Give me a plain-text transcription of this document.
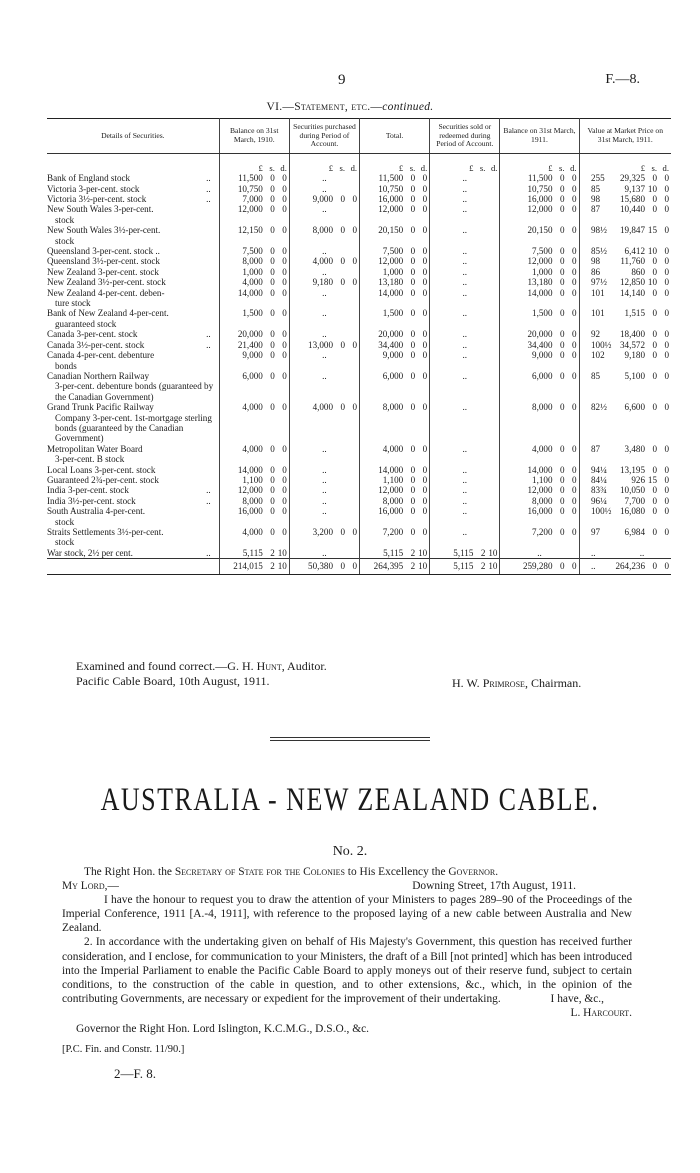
9	F.—8.
VI.—Statement, etc.—continued.
Details of Securities.	Balance on 31st March, 1910.	Securities purchased during Period of Account.	Total.	Securities sold or redeemed during Period of Account.	Balance on 31st March, 1911.	Value at Market Price on 31st March, 1911.
	£ s. d.	£ s. d.	£ s. d.	£ s. d.	£ s. d.	£ s. d.

..
Bank of England stock	11,500 0 0	..	11,500 0 0	..	11,500 0 0	255 29,325 0 0

..
Victoria 3-per-cent. stock	10,750 0 0	..	10,750 0 0	..	10,750 0 0	85 9,137 10 0

..
Victoria 3½-per-cent. stock	7,000 0 0	9,000 0 0	16,000 0 0	..	16,000 0 0	98 15,680 0 0
New South Wales 3-per-cent.
stock	12,000 0 0	..	12,000 0 0	..	12,000 0 0	87 10,440 0 0
New South Wales 3½-per-cent.
stock	12,150 0 0	8,000 0 0	20,150 0 0	..	20,150 0 0	98½ 19,847 15 0
Queensland 3-per-cent. stock ..	7,500 0 0	..	7,500 0 0	..	7,500 0 0	85½ 6,412 10 0
Queensland 3½-per-cent. stock	8,000 0 0	4,000 0 0	12,000 0 0	..	12,000 0 0	98 11,760 0 0
New Zealand 3-per-cent. stock	1,000 0 0	..	1,000 0 0	..	1,000 0 0	86 860 0 0
New Zealand 3½-per-cent. stock	4,000 0 0	9,180 0 0	13,180 0 0	..	13,180 0 0	97½ 12,850 10 0
New Zealand 4-per-cent. deben-
ture stock	14,000 0 0	..	14,000 0 0	..	14,000 0 0	101 14,140 0 0
Bank of New Zealand 4-per-cent.
guaranteed stock	1,500 0 0	..	1,500 0 0	..	1,500 0 0	101 1,515 0 0

..
Canada 3-per-cent. stock	20,000 0 0	..	20,000 0 0	..	20,000 0 0	92 18,400 0 0

..
Canada 3½-per-cent. stock	21,400 0 0	13,000 0 0	34,400 0 0	..	34,400 0 0	100½ 34,572 0 0
Canada 4-per-cent. debenture
bonds	9,000 0 0	..	9,000 0 0	..	9,000 0 0	102 9,180 0 0
Canadian Northern Railway
3-per-cent. debenture bonds (guaranteed by the Canadian Government)	6,000 0 0	..	6,000 0 0	..	6,000 0 0	85 5,100 0 0
Grand Trunk Pacific Railway
Company 3-per-cent. 1st-mortgage sterling bonds (guaranteed by the Canadian Government)	4,000 0 0	4,000 0 0	8,000 0 0	..	8,000 0 0	82½ 6,600 0 0
Metropolitan Water Board
3-per-cent. B stock	4,000 0 0	..	4,000 0 0	..	4,000 0 0	87 3,480 0 0
Local Loans 3-per-cent. stock	14,000 0 0	..	14,000 0 0	..	14,000 0 0	94¼ 13,195 0 0
Guaranteed 2¾-per-cent. stock	1,100 0 0	..	1,100 0 0	..	1,100 0 0	84¼ 926 15 0

..
India 3-per-cent. stock	12,000 0 0	..	12,000 0 0	..	12,000 0 0	83¾ 10,050 0 0

..
India 3½-per-cent. stock	8,000 0 0	..	8,000 0 0	..	8,000 0 0	96¼ 7,700 0 0
South Australia 4-per-cent.
stock	16,000 0 0	..	16,000 0 0	..	16,000 0 0	100½ 16,080 0 0
Straits Settlements 3½-per-cent.
stock	4,000 0 0	3,200 0 0	7,200 0 0	..	7,200 0 0	97 6,984 0 0

..
War stock, 2½ per cent.	5,115 2 10	..	5,115 2 10	5,115 2 10	..	.. ..
	214,015 2 10	50,380 0 0	264,395 2 10	5,115 2 10	259,280 0 0	.. 264,236 0 0
Examined and found correct.—G. H. Hunt, Auditor.
Pacific Cable Board, 10th August, 1911.	H. W. Primrose, Chairman.
AUSTRALIA - NEW ZEALAND CABLE.
No. 2.

The Right Hon. the Secretary of State for the Colonies to His Excellency the Governor.

My Lord,—	Downing Street, 17th August, 1911.

I have the honour to request you to draw the attention of your Ministers to pages 289–90 of the Proceedings of the Imperial Conference, 1911 [A.-4, 1911], with reference to the proposed laying of a new cable between Australia and New Zealand.

2. In accordance with the undertaking given on behalf of His Majesty's Government, this question has received further consideration, and I enclose, for communication to your Ministers, the draft of a Bill [not printed] which has been introduced into the Imperial Parliament to enable the Pacific Cable Board to apply moneys out of their reserve fund, subject to certain conditions, to the construction of the cable in question, and to other extensions, &c., which, in the opinion of the contributing Governments, are necessary or expedient for the improvement of their undertaking.	I have, &c.,

L. Harcourt.

Governor the Right Hon. Lord Islington, K.C.M.G., D.S.O., &c.

[P.C. Fin. and Constr. 11/90.]
2—F. 8.
